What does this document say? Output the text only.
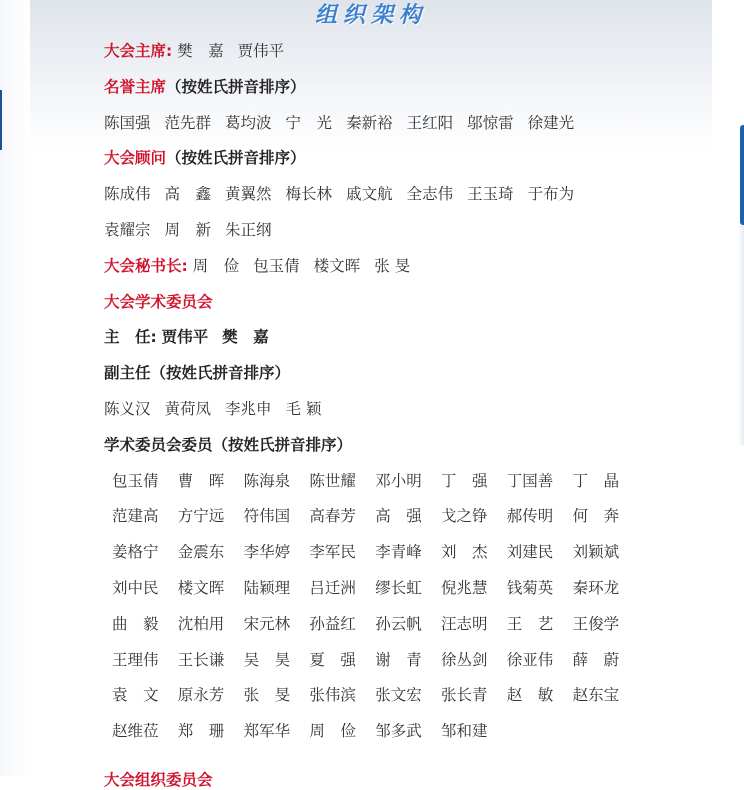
组织架构
大会主席: 樊　嘉 贾伟平
名誉主席（按姓氏拼音排序）
陈国强 范先群 葛均波 宁　光 秦新裕 王红阳 邬惊雷 徐建光
大会顾问（按姓氏拼音排序）
陈成伟 高　鑫 黄翼然 梅长林 戚文航 全志伟 王玉琦 于布为
袁耀宗 周　新 朱正纲
大会秘书长: 周　俭 包玉倩 楼文晖 张 旻
大会学术委员会
主　任: 贾伟平 樊　嘉
副主任（按姓氏拼音排序）
陈义汉 黄荷凤 李兆申 毛 颖
学术委员会委员（按姓氏拼音排序）
包玉倩 曹　晖 陈海泉 陈世耀 邓小明 丁　强 丁国善 丁　晶
范建高 方宁远 符伟国 高春芳 高　强 戈之铮 郝传明 何　奔
姜格宁 金震东 李华婷 李军民 李青峰 刘　杰 刘建民 刘颖斌
刘中民 楼文晖 陆颖理 吕迁洲 缪长虹 倪兆慧 钱菊英 秦环龙
曲　毅 沈柏用 宋元林 孙益红 孙云帆 汪志明 王　艺 王俊学
王理伟 王长谦 吴　昊 夏　强 谢　青 徐丛剑 徐亚伟 薛　蔚
袁　文 原永芳 张　旻 张伟滨 张文宏 张长青 赵　敏 赵东宝
赵维莅 郑　珊 郑军华 周　俭 邹多武 邹和建
大会组织委员会
